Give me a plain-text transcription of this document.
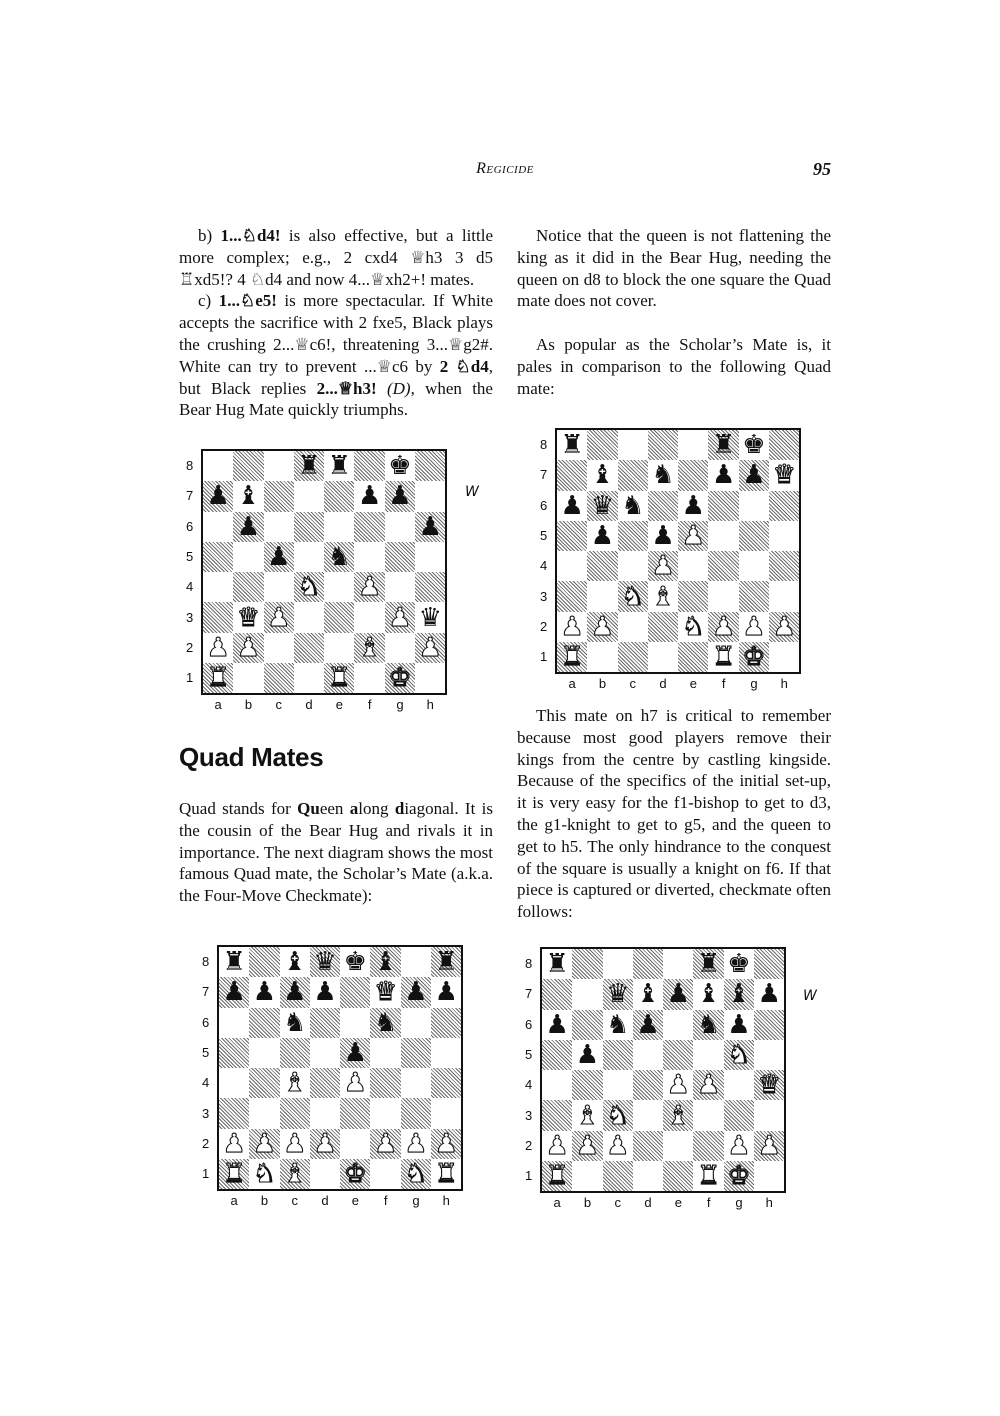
Regicide	95

b) 1...♘d4! is also effective, but a little more complex; e.g., 2 cxd4 ♕h3 3 d5 ♖xd5!? 4 ♘d4 and now 4...♕xh2+! mates.

c) 1...♘e5! is more spectacular. If White accepts the sacrifice with 2 fxe5, Black plays the crushing 2...♕c6!, threatening 3...♕g2#. White can try to prevent ...♕c6 by 2 ♘d4, but Black replies 2...♕h3! (D), when the Bear Hug Mate quickly triumphs.

Quad Mates

Quad stands for Queen along diagonal. It is the cousin of the Bear Hug and rivals it in importance. The next diagram shows the most famous Quad mate, the Scholar’s Mate (a.k.a. the Four-Move Checkmate):

Notice that the queen is not flattening the king as it did in the Bear Hug, needing the queen on d8 to block the one square the Quad mate does not cover.

As popular as the Scholar’s Mate is, it pales in comparison to the following Quad mate:

This mate on h7 is critical to remember because most good players remove their kings from the centre by castling kingside. Because of the specifics of the initial set-up, it is very easy for the f1-bishop to get to d3, the g1-knight to get to g5, and the queen to get to h5. The only hindrance to the conquest of the square is usually a knight on f6. If that piece is captured or diverted, checkmate often follows:

♜ ♜ ♚
♟ ♝	♟ ♟
♟	♟
♟ ♞
♞ ♟
♛ ♟	♟ ♛
♟ ♟	♝ ♟
♜	♜ ♚
8
7
6
5
4
3
2
1
a	b	c	d	e	f	g	h
W
♜	♜ ♚
♝ ♞ ♟ ♟ ♛
♟ ♛ ♞ ♟
♟ ♟ ♟
♟
♞ ♝
♟ ♟	♞ ♟ ♟ ♟
♜	♜ ♚
8
7
6
5
4
3
2
1
a	b	c	d	e	f	g	h
♜ ♝ ♛ ♚ ♝ ♜
♟ ♟ ♟ ♟ ♛ ♟ ♟
♞	♞
♟
♝ ♟
♟ ♟ ♟ ♟ ♟ ♟ ♟
♜ ♞ ♝ ♚ ♞ ♜
8
7
6
5
4
3
2
1
a	b	c	d	e	f	g	h
♜	♜ ♚
♛ ♝ ♟ ♝ ♝ ♟
♟ ♞ ♟ ♞ ♟
♟	♞
♟ ♟ ♛
♝ ♞ ♝
♟ ♟ ♟	♟ ♟
♜	♜ ♚
8
7
6
5
4
3
2
1
a	b	c	d	e	f	g	h
W
